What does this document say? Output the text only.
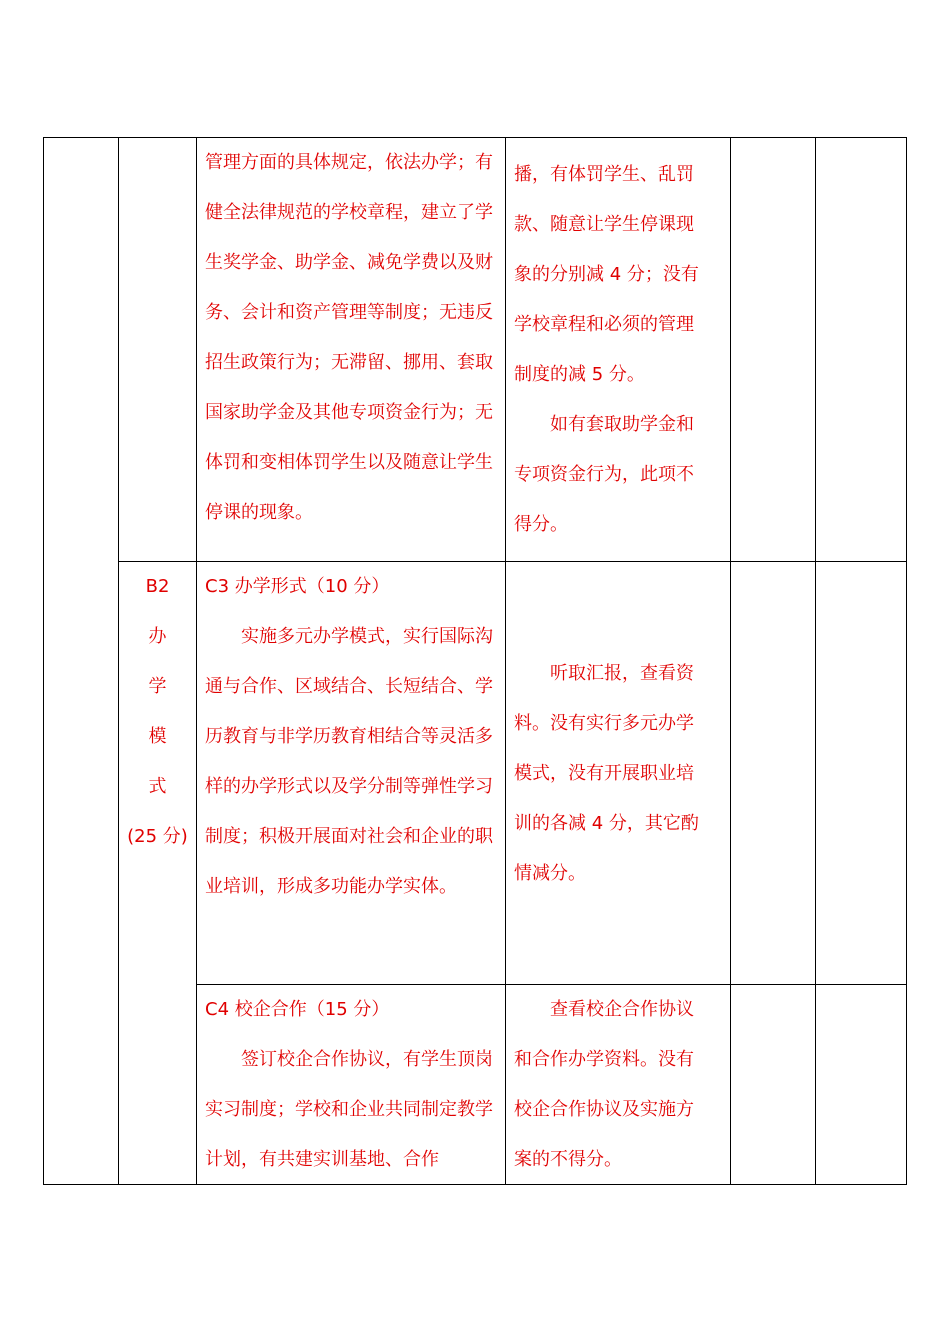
管理方面的具体规定，依法办学；有健全法律规范的学校章程，建立了学生奖学金、助学金、减免学费以及财务、会计和资产管理等制度；无违反招生政策行为；无滞留、挪用、套取国家助学金及其他专项资金行为；无体罚和变相体罚学生以及随意让学生停课的现象。

播，有体罚学生、乱罚款、随意让学生停课现象的分别减 4 分；没有学校章程和必须的管理制度的减 5 分。

如有套取助学金和专项资金行为，此项不得分。

B2

办

学

模

式

(25 分)

C3 办学形式（10 分）

实施多元办学模式，实行国际沟通与合作、区域结合、长短结合、学历教育与非学历教育相结合等灵活多样的办学形式以及学分制等弹性学习制度；积极开展面对社会和企业的职业培训，形成多功能办学实体。

听取汇报，查看资料。没有实行多元办学模式，没有开展职业培训的各减 4 分，其它酌情减分。

C4 校企合作（15 分）

签订校企合作协议，有学生顶岗实习制度；学校和企业共同制定教学计划，有共建实训基地、合作

查看校企合作协议和合作办学资料。没有校企合作协议及实施方案的不得分。
